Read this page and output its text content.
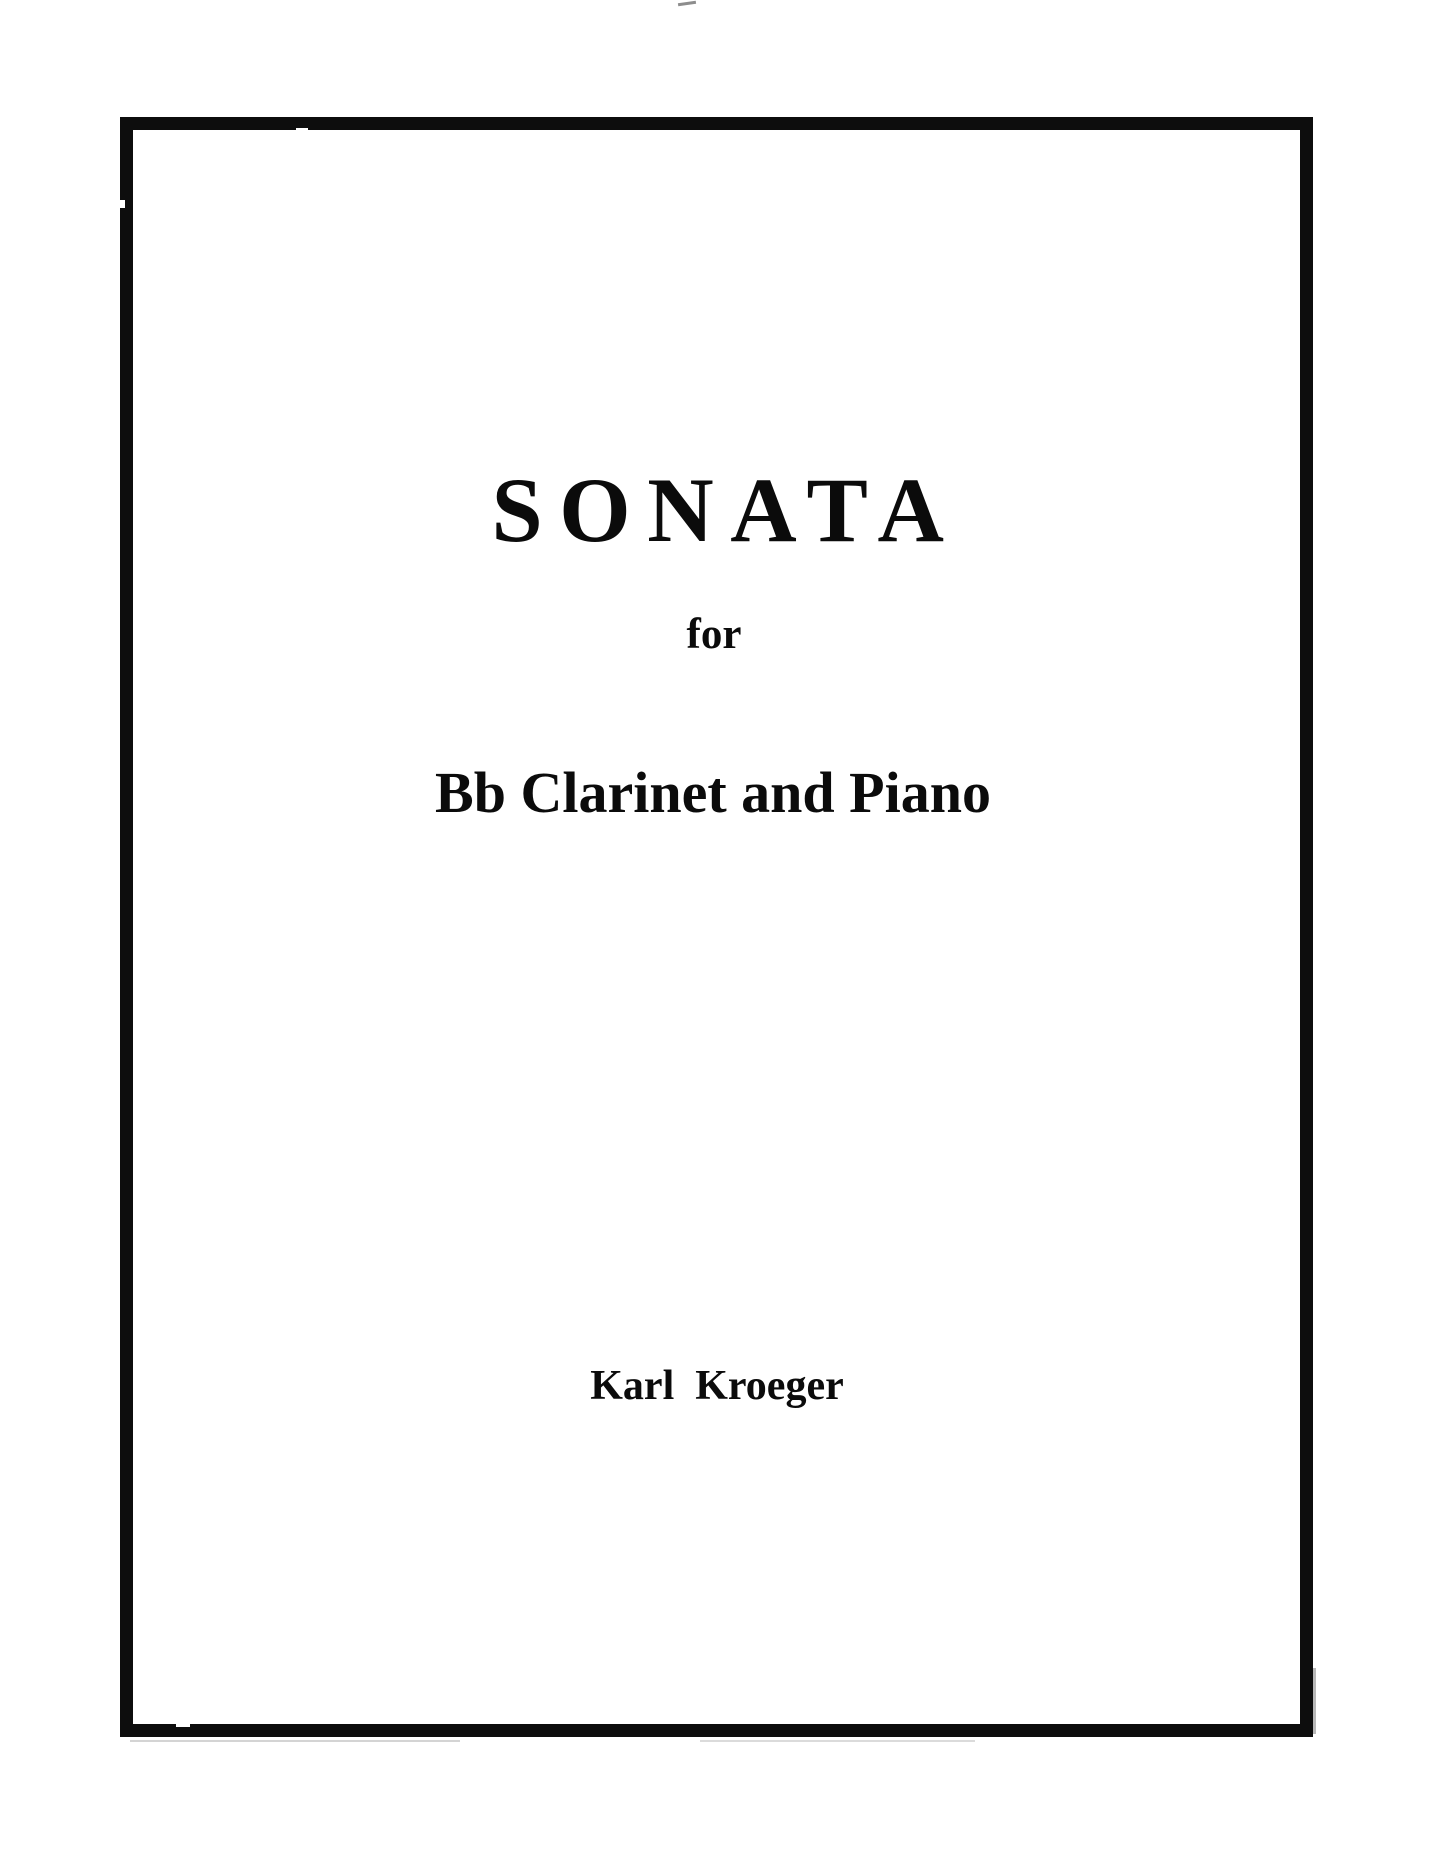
SONATA
for
Bb Clarinet and Piano
Karl  Kroeger
